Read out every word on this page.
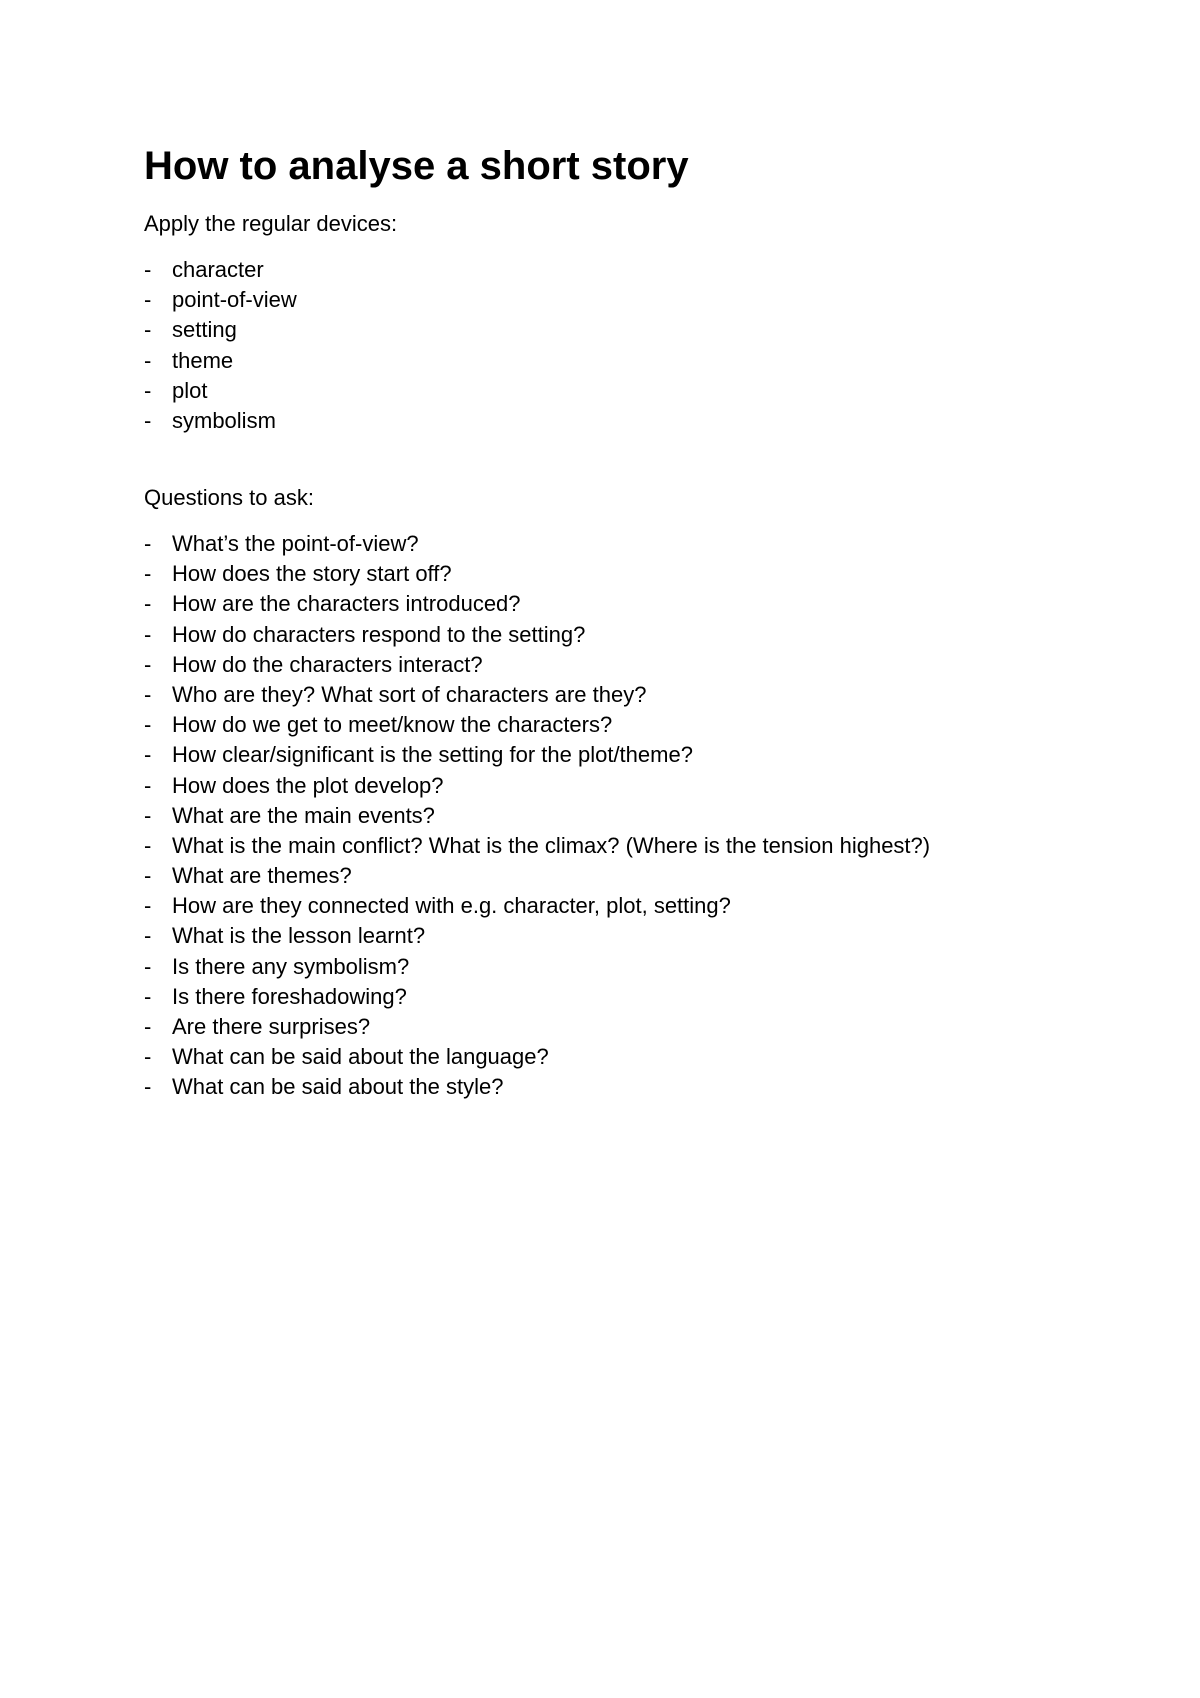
How to analyse a short story

Apply the regular devices:

- character
- point-of-view
- setting
- theme
- plot
- symbolism

Questions to ask:

- What’s the point-of-view?
- How does the story start off?
- How are the characters introduced?
- How do characters respond to the setting?
- How do the characters interact?
- Who are they? What sort of characters are they?
- How do we get to meet/know the characters?
- How clear/significant is the setting for the plot/theme?
- How does the plot develop?
- What are the main events?
- What is the main conflict? What is the climax? (Where is the tension highest?)
- What are themes?
- How are they connected with e.g. character, plot, setting?
- What is the lesson learnt?
- Is there any symbolism?
- Is there foreshadowing?
- Are there surprises?
- What can be said about the language?
- What can be said about the style?
